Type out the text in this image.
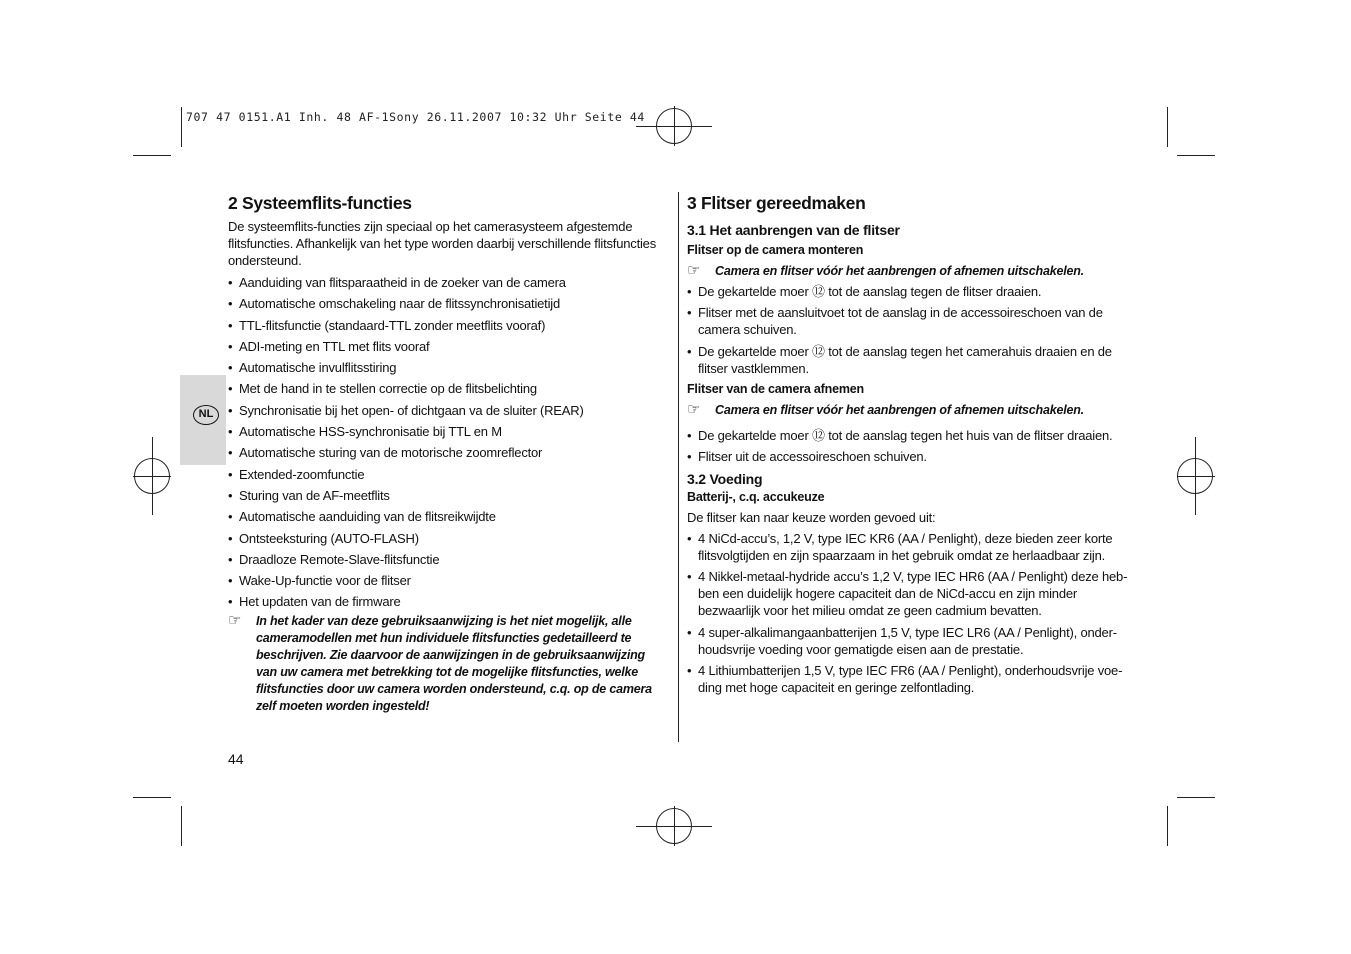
707 47 0151.A1 Inh. 48 AF-1Sony 26.11.2007 10:32 Uhr Seite 44
NL
2 Systeemflits-functies

De systeemflits-functies zijn speciaal op het camerasysteem afgestemde flitsfuncties. Afhankelijk van het type worden daarbij verschillende flitsfuncties ondersteund.

• Aanduiding van flitsparaatheid in de zoeker van de camera
• Automatische omschakeling naar de flitssynchronisatietijd
• TTL-flitsfunctie (standaard-TTL zonder meetflits vooraf)
• ADI-meting en TTL met flits vooraf
• Automatische invulflitsstiring
• Met de hand in te stellen correctie op de flitsbelichting
• Synchronisatie bij het open- of dichtgaan va de sluiter (REAR)
• Automatische HSS-synchronisatie bij TTL en M
• Automatische sturing van de motorische zoomreflector
• Extended-zoomfunctie
• Sturing van de AF-meetflits
• Automatische aanduiding van de flitsreikwijdte
• Ontsteeksturing (AUTO-FLASH)
• Draadloze Remote-Slave-flitsfunctie
• Wake-Up-functie voor de flitser
• Het updaten van de firmware
☞ In het kader van deze gebruiksaanwijzing is het niet mogelijk, alle cameramodellen met hun individuele flitsfuncties gedetailleerd te beschrijven. Zie daarvoor de aanwijzingen in de gebruiksaanwijzing van uw camera met betrekking tot de mogelijke flitsfuncties, welke flitsfuncties door uw camera worden ondersteund, c.q. op de camera zelf moeten worden ingesteld!
44
3 Flitser gereedmaken
3.1 Het aanbrengen van de flitser
Flitser op de camera monteren
☞ Camera en flitser vóór het aanbrengen of afnemen uitschakelen.
• De gekartelde moer ⑫ tot de aanslag tegen de flitser draaien.
• Flitser met de aansluitvoet tot de aanslag in de accessoireschoen van de camera schuiven.
• De gekartelde moer ⑫ tot de aanslag tegen het camerahuis draaien en de flitser vastklemmen.
Flitser van de camera afnemen
☞ Camera en flitser vóór het aanbrengen of afnemen uitschakelen.
• De gekartelde moer ⑫ tot de aanslag tegen het huis van de flitser draaien.
• Flitser uit de accessoireschoen schuiven.
3.2 Voeding
Batterij-, c.q. accukeuze

De flitser kan naar keuze worden gevoed uit:

• 4 NiCd-accu’s, 1,2 V, type IEC KR6 (AA / Penlight), deze bieden zeer korte flitsvolgtijden en zijn spaarzaam in het gebruik omdat ze herlaadbaar zijn.
• 4 Nikkel-metaal-hydride accu’s 1,2 V, type IEC HR6 (AA / Penlight) deze hebben een duidelijk hogere capaciteit dan de NiCd-accu en zijn minder bezwaarlijk voor het milieu omdat ze geen cadmium bevatten.
• 4 super-alkalimangaanbatterijen 1,5 V, type IEC LR6 (AA / Penlight), onderhoudsvrije voeding voor gematigde eisen aan de prestatie.
• 4 Lithiumbatterijen 1,5 V, type IEC FR6 (AA / Penlight), onderhoudsvrije voeding met hoge capaciteit en geringe zelfontlading.
